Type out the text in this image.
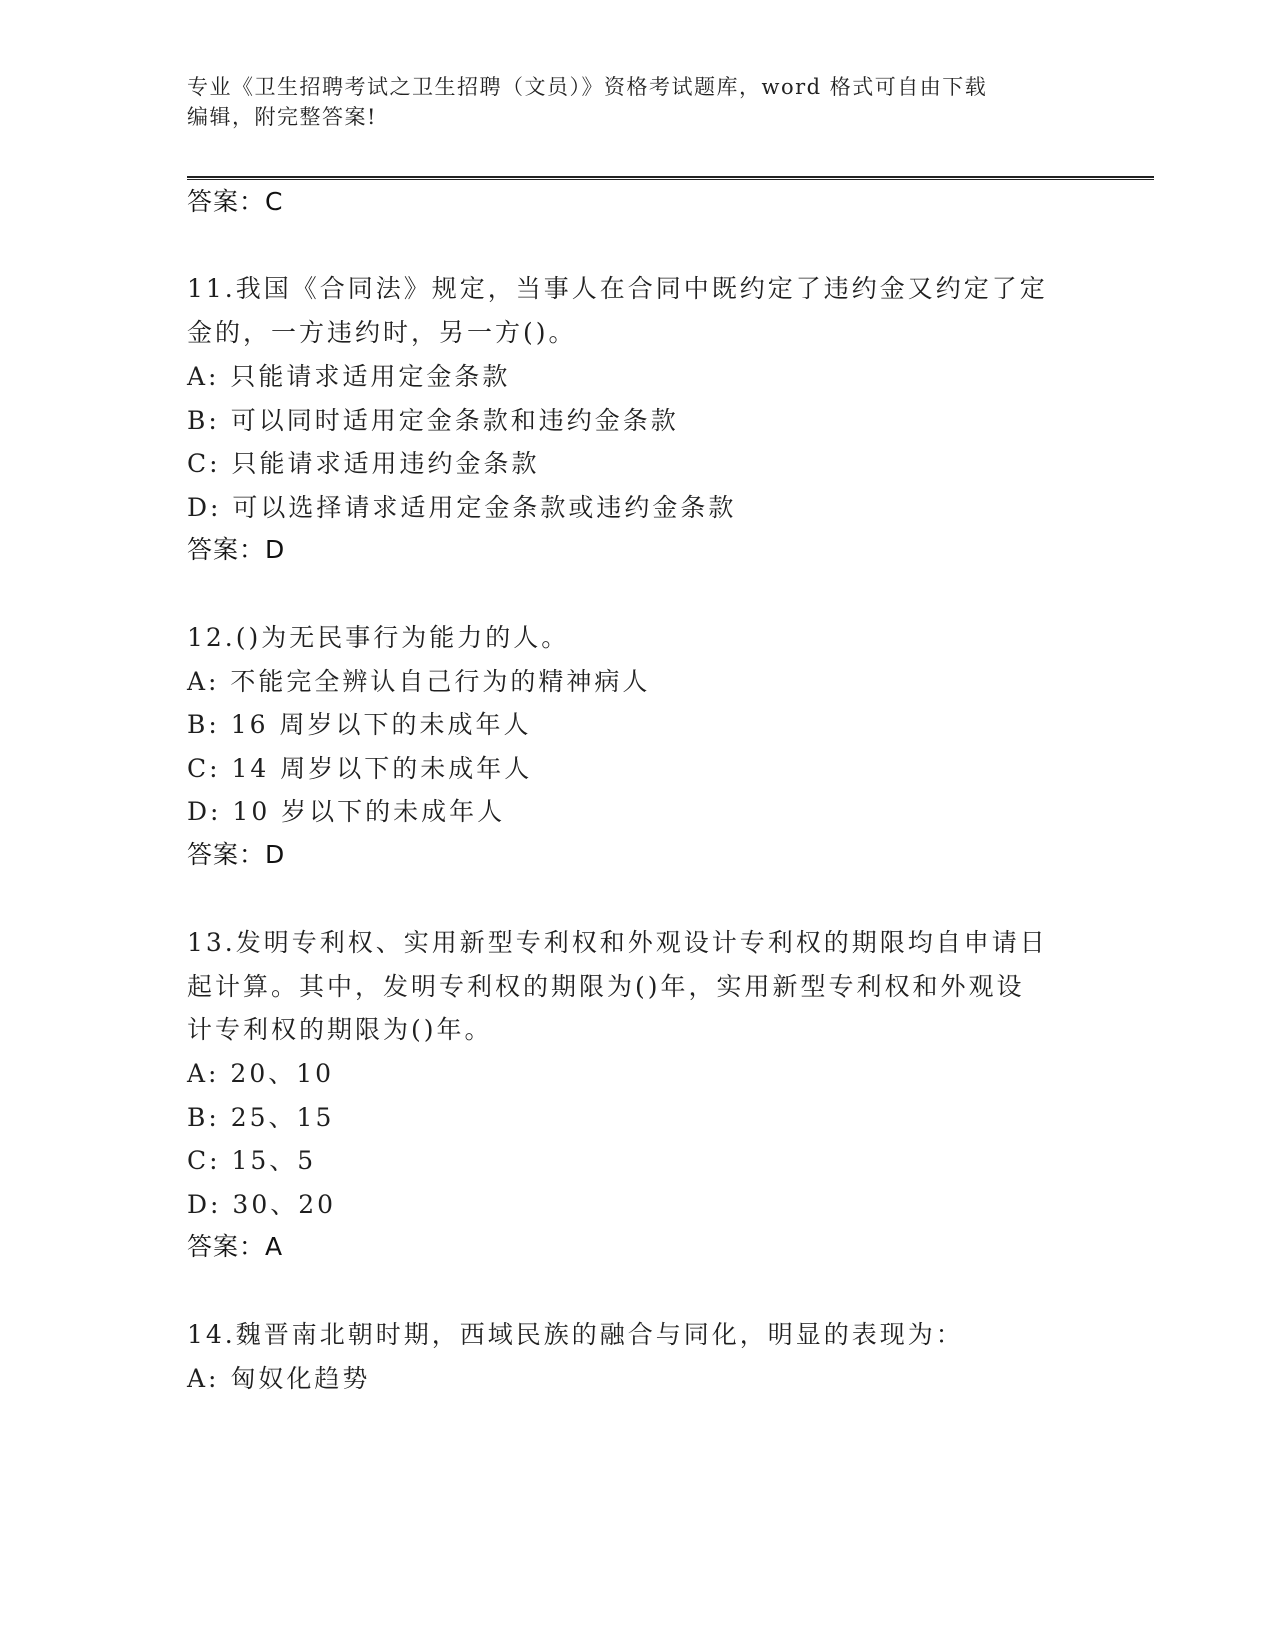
专业《卫生招聘考试之卫生招聘（文员）》资格考试题库，word 格式可自由下载
编辑，附完整答案!
答案：C
11.我国《合同法》规定，当事人在合同中既约定了违约金又约定了定
金的，一方违约时，另一方()。
A: 只能请求适用定金条款
B: 可以同时适用定金条款和违约金条款
C: 只能请求适用违约金条款
D: 可以选择请求适用定金条款或违约金条款
答案：D
12.()为无民事行为能力的人。
A: 不能完全辨认自己行为的精神病人
B: 16 周岁以下的未成年人
C: 14 周岁以下的未成年人
D: 10 岁以下的未成年人
答案：D
13.发明专利权、实用新型专利权和外观设计专利权的期限均自申请日
起计算。其中，发明专利权的期限为()年，实用新型专利权和外观设
计专利权的期限为()年。
A: 20、10
B: 25、15
C: 15、5
D: 30、20
答案：A
14.魏晋南北朝时期，西域民族的融合与同化，明显的表现为：
A: 匈奴化趋势
